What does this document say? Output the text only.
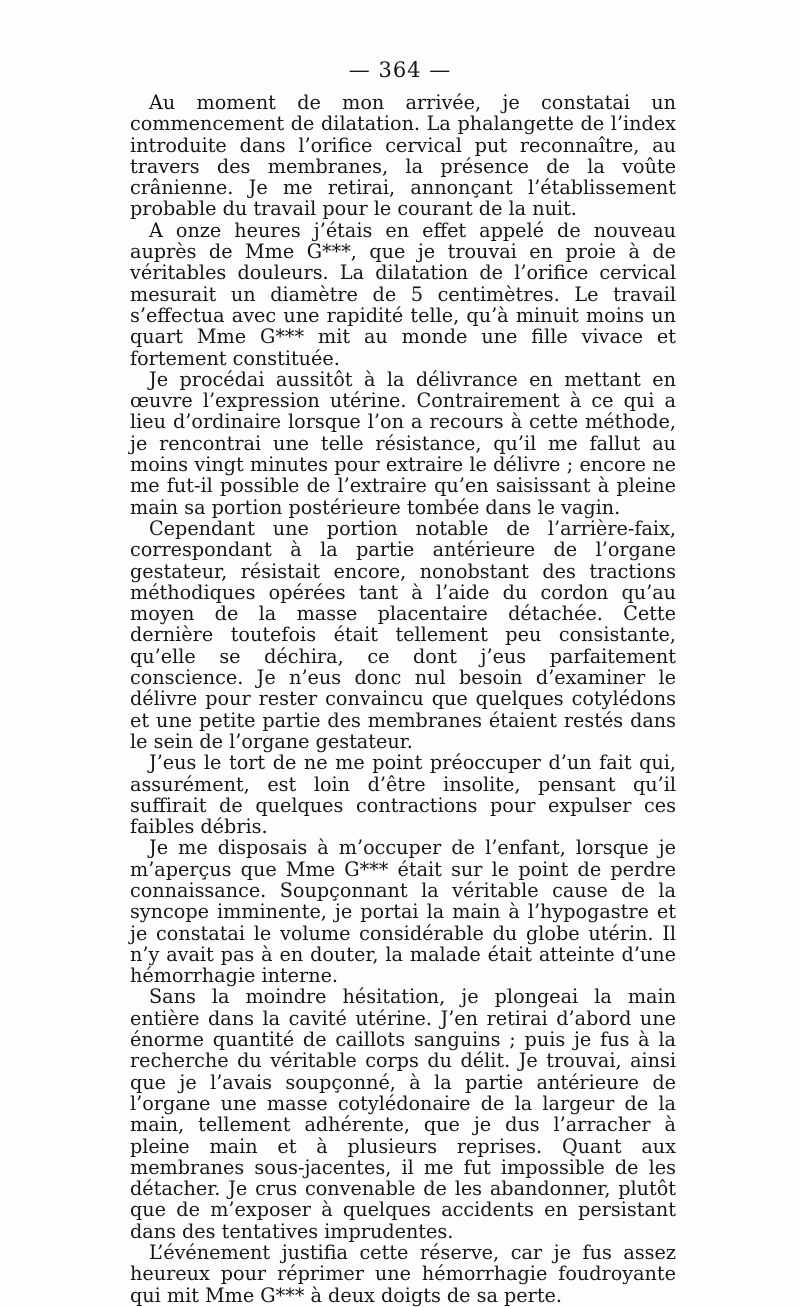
— 364 —

Au moment de mon arrivée, je constatai un commencement de dilatation. La phalangette de l’index introduite dans l’orifice cervical put reconnaître, au travers des membranes, la présence de la voûte crânienne. Je me retirai, annonçant l’établissement probable du travail pour le courant de la nuit.

A onze heures j’étais en effet appelé de nouveau auprès de Mme G***, que je trouvai en proie à de véritables douleurs. La dilatation de l’orifice cervical mesurait un diamètre de 5 centimètres. Le travail s’effectua avec une rapidité telle, qu’à minuit moins un quart Mme G*** mit au monde une fille vivace et fortement constituée.

Je procédai aussitôt à la délivrance en mettant en œuvre l’expression utérine. Contrairement à ce qui a lieu d’ordinaire lorsque l’on a recours à cette méthode, je rencontrai une telle résistance, qu’il me fallut au moins vingt minutes pour extraire le délivre ; encore ne me fut-il possible de l’extraire qu’en saisissant à pleine main sa portion postérieure tombée dans le vagin.

Cependant une portion notable de l’arrière-faix, correspondant à la partie antérieure de l’organe gestateur, résistait encore, nonobstant des tractions méthodiques opérées tant à l’aide du cordon qu’au moyen de la masse placentaire détachée. Cette dernière toutefois était tellement peu consistante, qu’elle se déchira, ce dont j’eus parfaitement conscience. Je n’eus donc nul besoin d’examiner le délivre pour rester convaincu que quelques cotylédons et une petite partie des membranes étaient restés dans le sein de l’organe gestateur.

J’eus le tort de ne me point préoccuper d’un fait qui, assurément, est loin d’être insolite, pensant qu’il suffirait de quelques contractions pour expulser ces faibles débris.

Je me disposais à m’occuper de l’enfant, lorsque je m’aperçus que Mme G*** était sur le point de perdre connaissance. Soupçonnant la véritable cause de la syncope imminente, je portai la main à l’hypogastre et je constatai le volume considérable du globe utérin. Il n’y avait pas à en douter, la malade était atteinte d’une hémorrhagie interne.

Sans la moindre hésitation, je plongeai la main entière dans la cavité utérine. J’en retirai d’abord une énorme quantité de caillots sanguins ; puis je fus à la recherche du véritable corps du délit. Je trouvai, ainsi que je l’avais soupçonné, à la partie antérieure de l’organe une masse cotylédonaire de la largeur de la main, tellement adhérente, que je dus l’arracher à pleine main et à plusieurs reprises. Quant aux membranes sous-jacentes, il me fut impossible de les détacher. Je crus convenable de les abandonner, plutôt que de m’exposer à quelques accidents en persistant dans des tentatives imprudentes.

L’événement justifia cette réserve, car je fus assez heureux pour réprimer une hémorrhagie foudroyante qui mit Mme G*** à deux doigts de sa perte.
